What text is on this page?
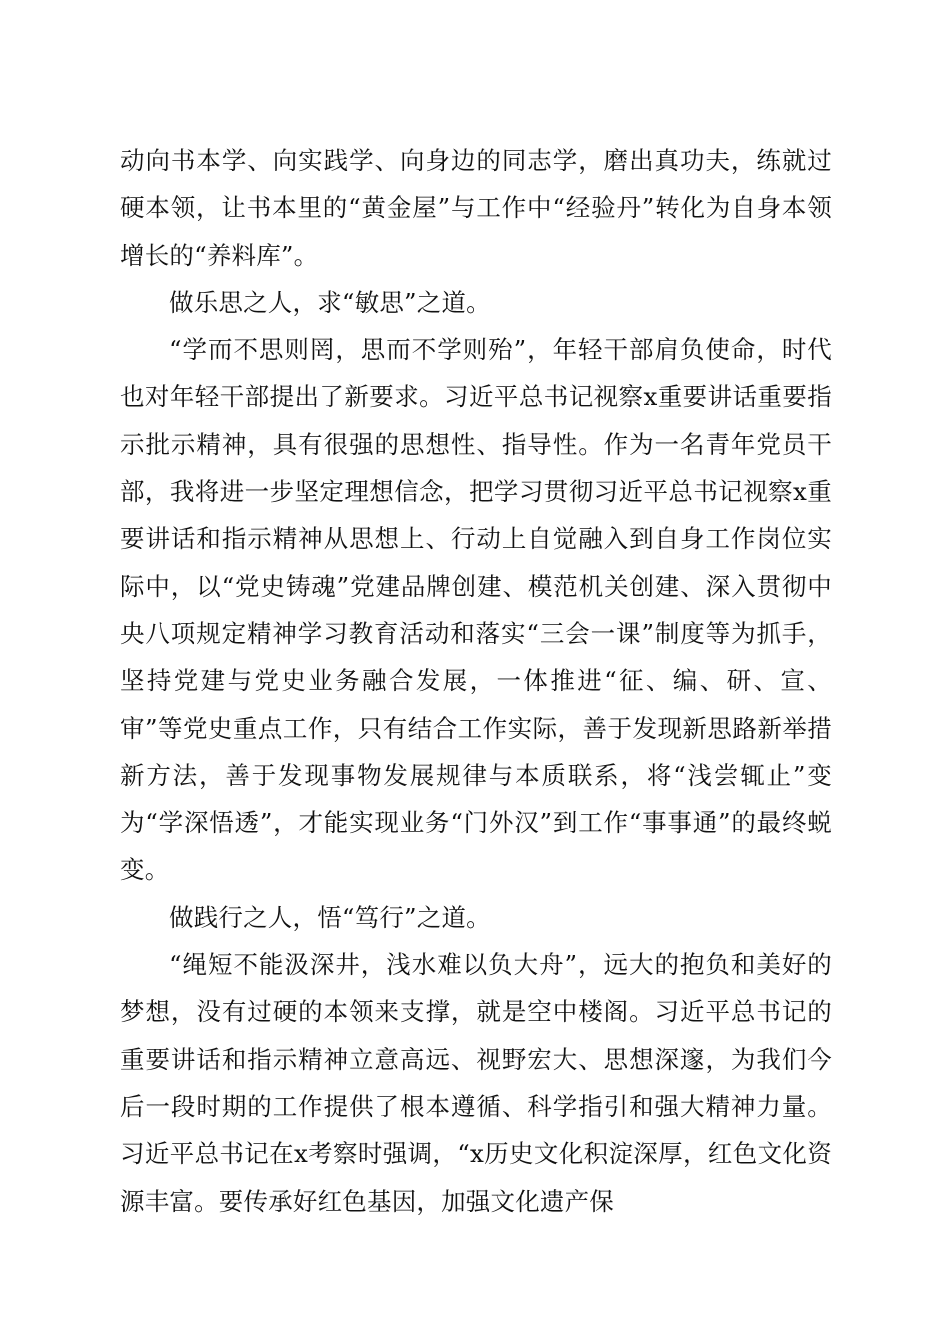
动向书本学、向实践学、向身边的同志学，磨出真功夫，练就过硬本领，让书本里的“黄金屋”与工作中“经验丹”转化为自身本领增长的“养料库”。

做乐思之人，求“敏思”之道。

“学而不思则罔，思而不学则殆”，年轻干部肩负使命，时代也对年轻干部提出了新要求。习近平总书记视察x重要讲话重要指示批示精神，具有很强的思想性、指导性。作为一名青年党员干部，我将进一步坚定理想信念，把学习贯彻习近平总书记视察x重要讲话和指示精神从思想上、行动上自觉融入到自身工作岗位实际中，以“党史铸魂”党建品牌创建、模范机关创建、深入贯彻中央八项规定精神学习教育活动和落实“三会一课”制度等为抓手，坚持党建与党史业务融合发展，一体推进“征、编、研、宣、审”等党史重点工作，只有结合工作实际，善于发现新思路新举措新方法，善于发现事物发展规律与本质联系，将“浅尝辄止”变为“学深悟透”，才能实现业务“门外汉”到工作“事事通”的最终蜕变。

做践行之人，悟“笃行”之道。

“绳短不能汲深井，浅水难以负大舟”，远大的抱负和美好的梦想，没有过硬的本领来支撑，就是空中楼阁。习近平总书记的重要讲话和指示精神立意高远、视野宏大、思想深邃，为我们今后一段时期的工作提供了根本遵循、科学指引和强大精神力量。习近平总书记在x考察时强调，“x历史文化积淀深厚，红色文化资源丰富。要传承好红色基因，加强文化遗产保
